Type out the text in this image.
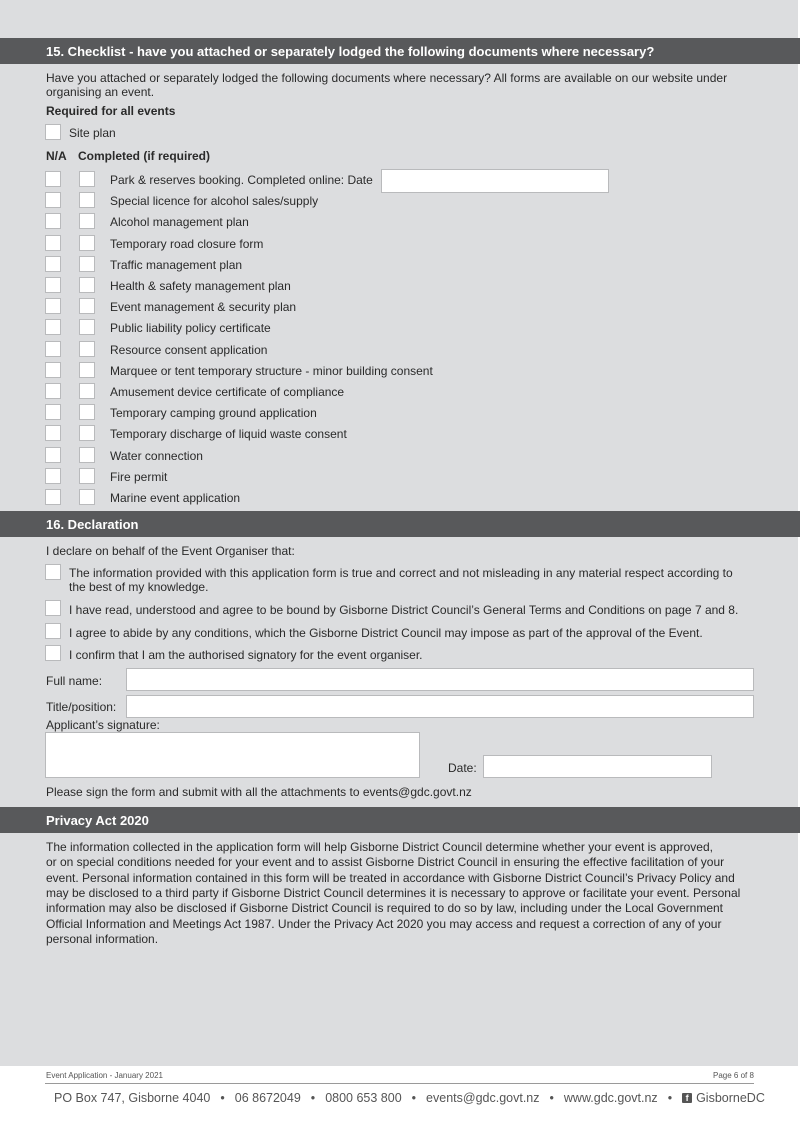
15. Checklist - have you attached or separately lodged the following documents where necessary?
Have you attached or separately lodged the following documents where necessary? All forms are available on our website under
organising an event.
Required for all events
Site plan
N/A Completed (if required)
Park & reserves booking. Completed online: Date
Special licence for alcohol sales/supply
Alcohol management plan
Temporary road closure form
Traffic management plan
Health & safety management plan
Event management & security plan
Public liability policy certificate
Resource consent application
Marquee or tent temporary structure - minor building consent
Amusement device certificate of compliance
Temporary camping ground application
Temporary discharge of liquid waste consent
Water connection
Fire permit
Marine event application
16. Declaration
I declare on behalf of the Event Organiser that:
The information provided with this application form is true and correct and not misleading in any material respect according to
the best of my knowledge.
I have read, understood and agree to be bound by Gisborne District Council’s General Terms and Conditions on page 7 and 8.
I agree to abide by any conditions, which the Gisborne District Council may impose as part of the approval of the Event.
I confirm that I am the authorised signatory for the event organiser.
Full name:
Title/position:
Applicant’s signature:
Date:
Please sign the form and submit with all the attachments to events@gdc.govt.nz
Privacy Act 2020
The information collected in the application form will help Gisborne District Council determine whether your event is approved,
or on special conditions needed for your event and to assist Gisborne District Council in ensuring the effective facilitation of your
event. Personal information contained in this form will be treated in accordance with Gisborne District Council’s Privacy Policy and
may be disclosed to a third party if Gisborne District Council determines it is necessary to approve or facilitate your event. Personal
information may also be disclosed if Gisborne District Council is required to do so by law, including under the Local Government
Official Information and Meetings Act 1987. Under the Privacy Act 2020 you may access and request a correction of any of your
personal information.
Event Application - January 2021	Page 6 of 8
PO Box 747, Gisborne 4040 • 06 8672049 • 0800 653 800 • events@gdc.govt.nz • www.gdc.govt.nz •	f GisborneDC
